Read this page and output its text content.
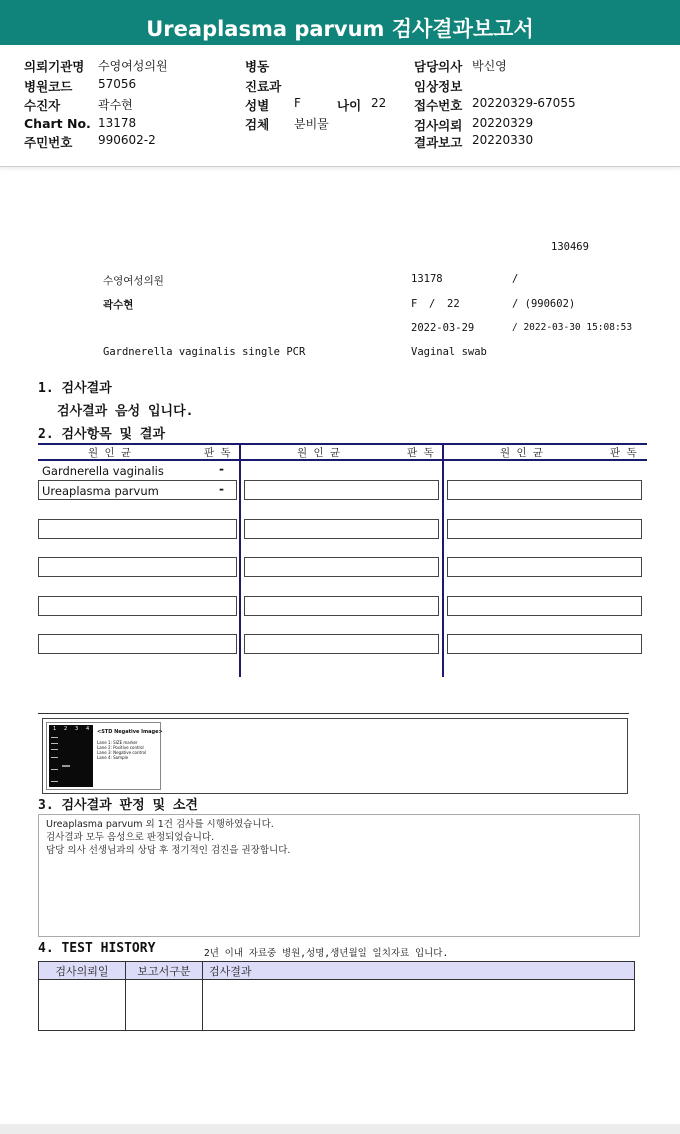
Ureaplasma parvum 검사결과보고서
의뢰기관명 수영여성의원
병원코드 57056
수진자	곽수현
Chart No. 13178
주민번호 990602-2
병동
진료과
성별 F	나이 22
검체 분비물
담당의사 박신영
임상정보
접수번호 20220329-67055
검사의뢰 20220329
결과보고 20220330
130469
수영여성의원	13178	/
곽수현	F / 22	/ (990602)
2022-03-29	/ 2022-03-30 15:08:53
Gardnerella vaginalis single PCR	Vaginal swab
1. 검사결과
검사결과 음성 입니다.
2. 검사항목 및 결과
원 인 균	판 독	원 인 균	판 독	원 인 균	판 독
Gardnerella vaginalis	-
Ureaplasma parvum	-
1 2 3 4 <STD Negative Image>
Lane 1: SIZE marker
Lane 2: Positive control
Lane 3: Negative control
Lane 4: Sample
3. 검사결과 판정 및 소견
Ureaplasma parvum 외 1건 검사를 시행하였습니다.
검사결과 모두 음성으로 판정되었습니다.
담당 의사 선생님과의 상담 후 정기적인 검진을 권장합니다.
4. TEST HISTORY	2년 이내 자료중 병원,성명,생년월일 일치자료 입니다.
검사의뢰일	보고서구분	검사결과
